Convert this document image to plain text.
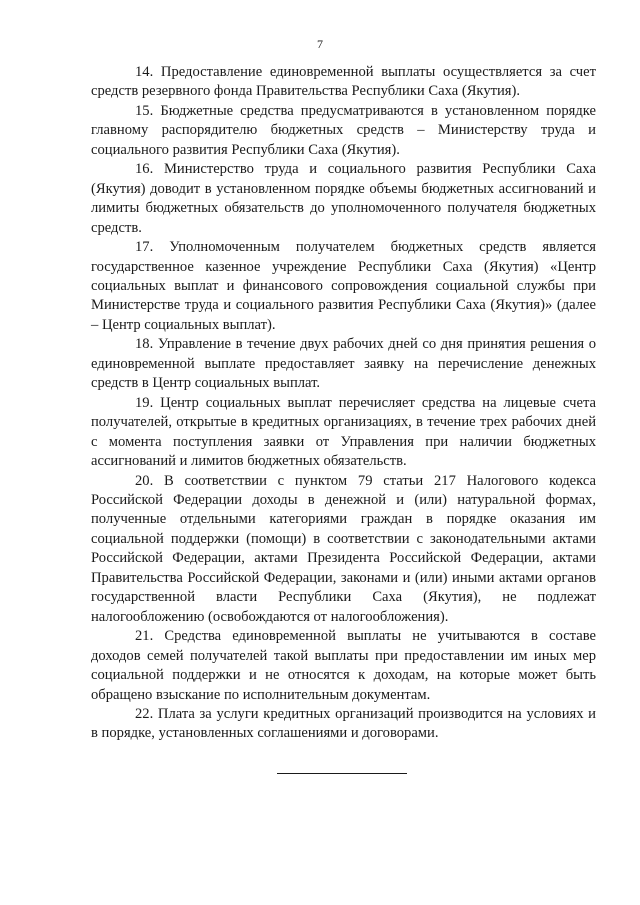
7

14. Предоставление единовременной выплаты осуществляется за счет средств резервного фонда Правительства Республики Саха (Якутия).

15. Бюджетные средства предусматриваются в установленном порядке главному распорядителю бюджетных средств – Министерству труда и социального развития Республики Саха (Якутия).

16. Министерство труда и социального развития Республики Саха (Якутия) доводит в установленном порядке объемы бюджетных ассигнований и лимиты бюджетных обязательств до уполномоченного получателя бюджетных средств.

17. Уполномоченным получателем бюджетных средств является государственное казенное учреждение Республики Саха (Якутия) «Центр социальных выплат и финансового сопровождения социальной службы при Министерстве труда и социального развития Республики Саха (Якутия)» (далее – Центр социальных выплат).

18. Управление в течение двух рабочих дней со дня принятия решения о единовременной выплате предоставляет заявку на перечисление денежных средств в Центр социальных выплат.

19. Центр социальных выплат перечисляет средства на лицевые счета получателей, открытые в кредитных организациях, в течение трех рабочих дней с момента поступления заявки от Управления при наличии бюджетных ассигнований и лимитов бюджетных обязательств.

20. В соответствии с пунктом 79 статьи 217 Налогового кодекса Российской Федерации доходы в денежной и (или) натуральной формах, полученные отдельными категориями граждан в порядке оказания им социальной поддержки (помощи) в соответствии с законодательными актами Российской Федерации, актами Президента Российской Федерации, актами Правительства Российской Федерации, законами и (или) иными актами органов государственной власти Республики Саха (Якутия), не подлежат налогообложению (освобождаются от налогообложения).

21. Средства единовременной выплаты не учитываются в составе доходов семей получателей такой выплаты при предоставлении им иных мер социальной поддержки и не относятся к доходам, на которые может быть обращено взыскание по исполнительным документам.

22. Плата за услуги кредитных организаций производится на условиях и в порядке, установленных соглашениями и договорами.
